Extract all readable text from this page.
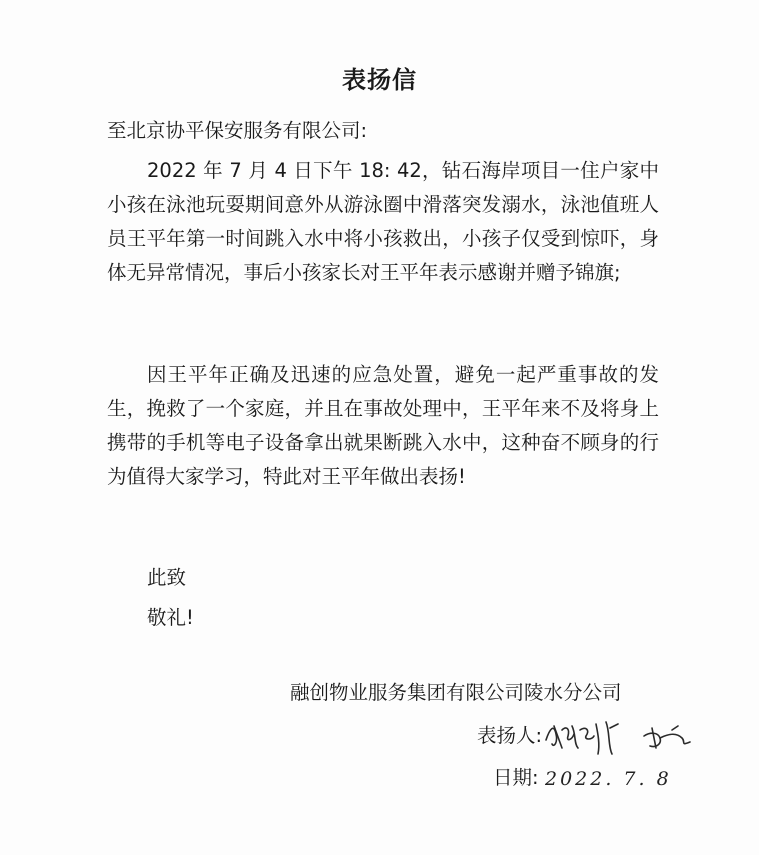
表扬信
至北京协平保安服务有限公司:

2022 年 7 月 4 日下午 18: 42，钻石海岸项目一住户家中小孩在泳池玩耍期间意外从游泳圈中滑落突发溺水，泳池值班人员王平年第一时间跳入水中将小孩救出，小孩子仅受到惊吓，身体无异常情况，事后小孩家长对王平年表示感谢并赠予锦旗;

因王平年正确及迅速的应急处置，避免一起严重事故的发生，挽救了一个家庭，并且在事故处理中，王平年来不及将身上携带的手机等电子设备拿出就果断跳入水中，这种奋不顾身的行为值得大家学习，特此对王平年做出表扬!

此致
敬礼!
融创物业服务集团有限公司陵水分公司
表扬人:
日期: 2022. 7. 8
